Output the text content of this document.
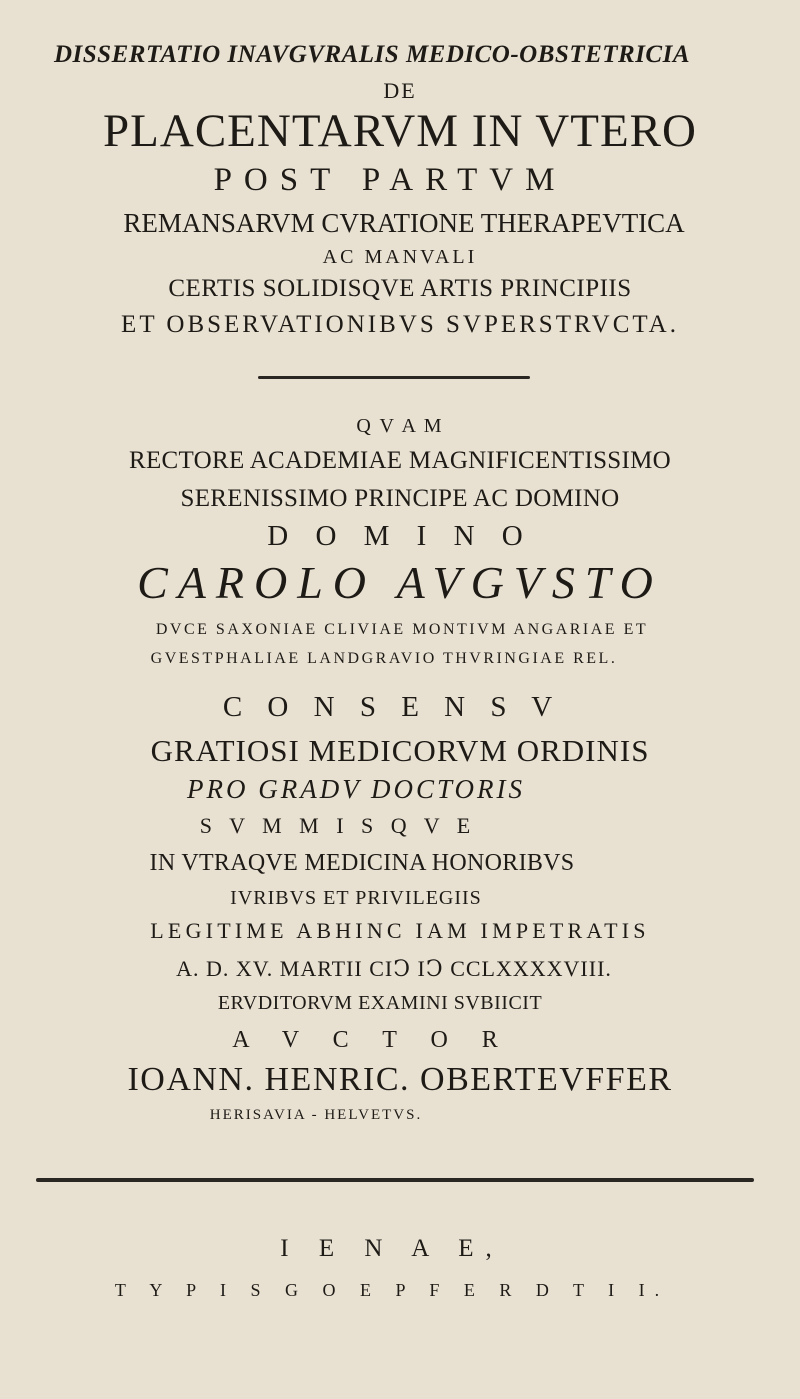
DISSERTATIO INAVGVRALIS MEDICO-OBSTETRICIA
DE
PLACENTARVM IN VTERO
POST PARTVM
REMANSARVM CVRATIONE THERAPEVTICA
AC MANVALI
CERTIS SOLIDISQVE ARTIS PRINCIPIIS
ET OBSERVATIONIBVS SVPERSTRVCTA.
Q V A M
RECTORE ACADEMIAE MAGNIFICENTISSIMO
SERENISSIMO PRINCIPE AC DOMINO
D O M I N O
CAROLO AVGVSTO
DVCE SAXONIAE CLIVIAE MONTIVM ANGARIAE ET
GVESTPHALIAE LANDGRAVIO THVRINGIAE REL.
C O N S E N S V
GRATIOSI MEDICORVM ORDINIS
PRO GRADV DOCTORIS
S V M M I S Q V E
IN VTRAQVE MEDICINA HONORIBVS
IVRIBVS ET PRIVILEGIIS
LEGITIME ABHINC IAM IMPETRATIS
A. D. XV. MARTII CIↃ IↃ CCLXXXXVIII.
ERVDITORVM EXAMINI SVBIICIT
A V C T O R
IOANN. HENRIC. OBERTEVFFER
HERISAVIA - HELVETVS.
I E N A E,
T Y P I S G O E P F E R D T I I.
